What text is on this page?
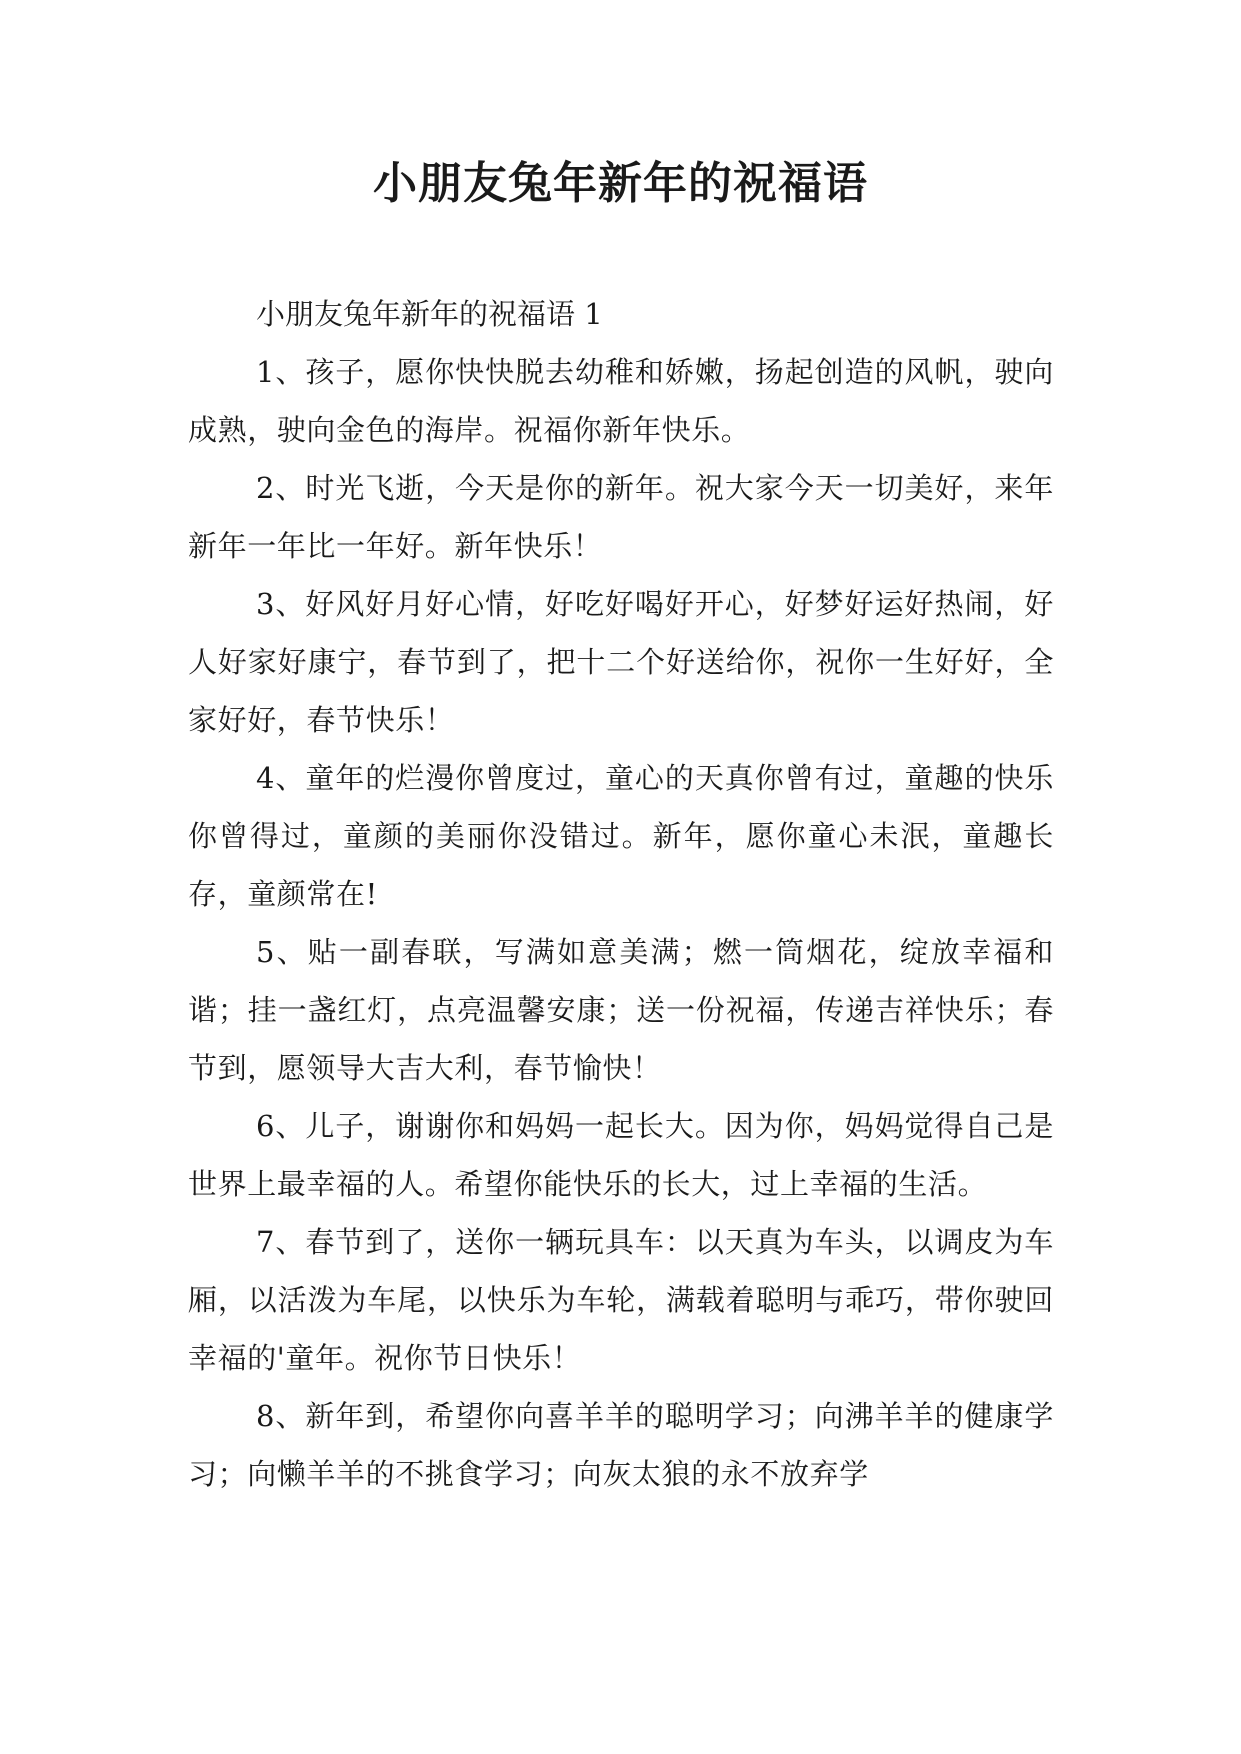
小朋友兔年新年的祝福语

小朋友兔年新年的祝福语 1

1、孩子，愿你快快脱去幼稚和娇嫩，扬起创造的风帆，驶向成熟，驶向金色的海岸。祝福你新年快乐。

2、时光飞逝，今天是你的新年。祝大家今天一切美好，来年新年一年比一年好。新年快乐！

3、好风好月好心情，好吃好喝好开心，好梦好运好热闹，好人好家好康宁，春节到了，把十二个好送给你，祝你一生好好，全家好好，春节快乐！

4、童年的烂漫你曾度过，童心的天真你曾有过，童趣的快乐你曾得过，童颜的美丽你没错过。新年，愿你童心未泯，童趣长存，童颜常在!

5、贴一副春联，写满如意美满；燃一筒烟花，绽放幸福和谐；挂一盏红灯，点亮温馨安康；送一份祝福，传递吉祥快乐；春节到，愿领导大吉大利，春节愉快！

6、儿子，谢谢你和妈妈一起长大。因为你，妈妈觉得自己是世界上最幸福的人。希望你能快乐的长大，过上幸福的生活。

7、春节到了，送你一辆玩具车：以天真为车头，以调皮为车厢，以活泼为车尾，以快乐为车轮，满载着聪明与乖巧，带你驶回幸福的'童年。祝你节日快乐！

8、新年到，希望你向喜羊羊的聪明学习；向沸羊羊的健康学习；向懒羊羊的不挑食学习；向灰太狼的永不放弃学
